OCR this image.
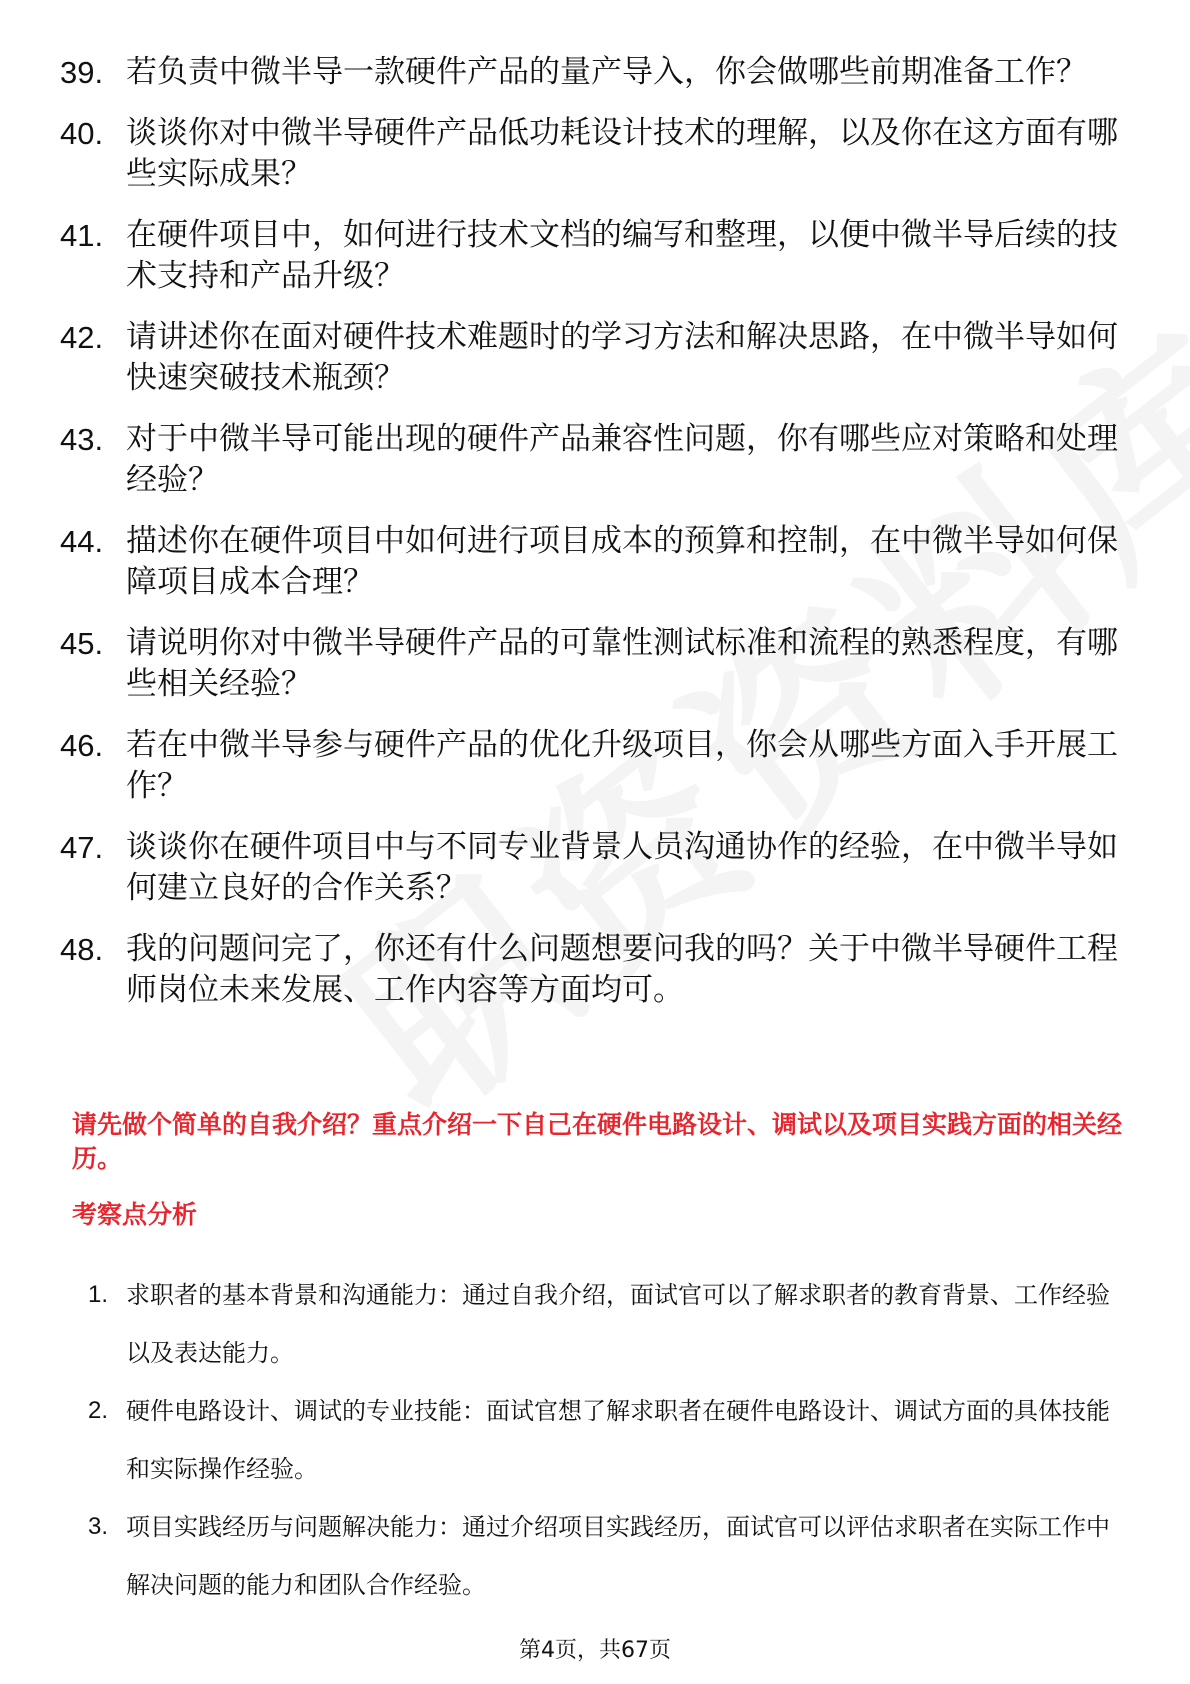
39. 若负责中微半导一款硬件产品的量产导入，你会做哪些前期准备工作？
40. 谈谈你对中微半导硬件产品低功耗设计技术的理解，以及你在这方面有哪些实际成果？
41. 在硬件项目中，如何进行技术文档的编写和整理，以便中微半导后续的技术支持和产品升级？
42. 请讲述你在面对硬件技术难题时的学习方法和解决思路，在中微半导如何快速突破技术瓶颈？
43. 对于中微半导可能出现的硬件产品兼容性问题，你有哪些应对策略和处理经验？
44. 描述你在硬件项目中如何进行项目成本的预算和控制，在中微半导如何保障项目成本合理？
45. 请说明你对中微半导硬件产品的可靠性测试标准和流程的熟悉程度，有哪些相关经验？
46. 若在中微半导参与硬件产品的优化升级项目，你会从哪些方面入手开展工作？
47. 谈谈你在硬件项目中与不同专业背景人员沟通协作的经验，在中微半导如何建立良好的合作关系？
48. 我的问题问完了，你还有什么问题想要问我的吗？关于中微半导硬件工程师岗位未来发展、工作内容等方面均可。
请先做个简单的自我介绍？重点介绍一下自己在硬件电路设计、调试以及项目实践方面的相关经历。
考察点分析
1. 求职者的基本背景和沟通能力：通过自我介绍，面试官可以了解求职者的教育背景、工作经验以及表达能力。
2. 硬件电路设计、调试的专业技能：面试官想了解求职者在硬件电路设计、调试方面的具体技能和实际操作经验。
3. 项目实践经历与问题解决能力：通过介绍项目实践经历，面试官可以评估求职者在实际工作中解决问题的能力和团队合作经验。
第4页，共67页
